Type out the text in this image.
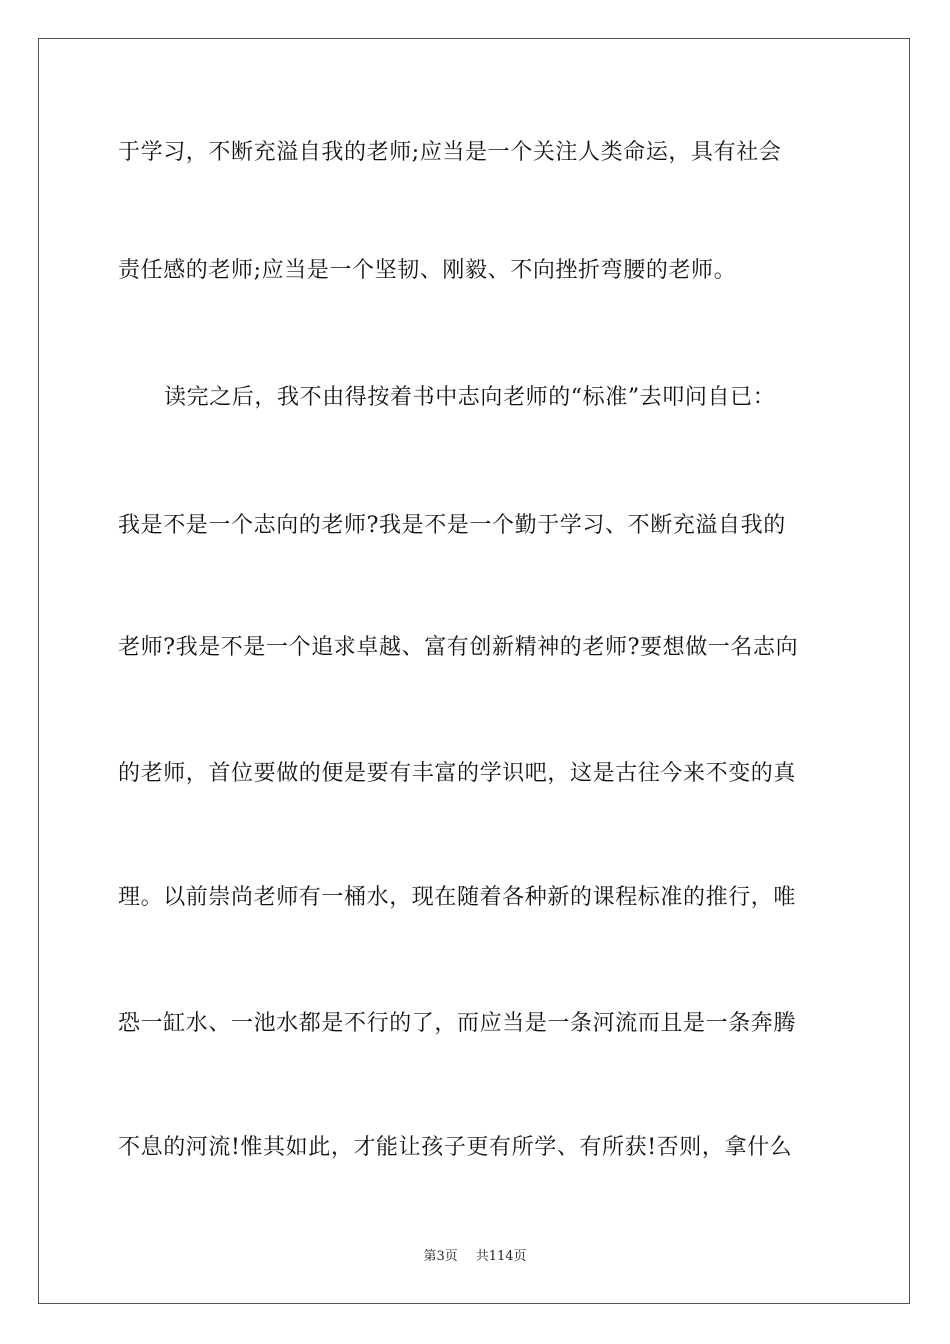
于学习，不断充溢自我的老师;应当是一个关注人类命运，具有社会
责任感的老师;应当是一个坚韧、刚毅、不向挫折弯腰的老师。
读完之后，我不由得按着书中志向老师的“标准”去叩问自已：
我是不是一个志向的老师?我是不是一个勤于学习、不断充溢自我的
老师?我是不是一个追求卓越、富有创新精神的老师?要想做一名志向
的老师，首位要做的便是要有丰富的学识吧，这是古往今来不变的真
理。以前崇尚老师有一桶水，现在随着各种新的课程标准的推行，唯
恐一缸水、一池水都是不行的了，而应当是一条河流而且是一条奔腾
不息的河流!惟其如此，才能让孩子更有所学、有所获!否则，拿什么
第3页 共114页
